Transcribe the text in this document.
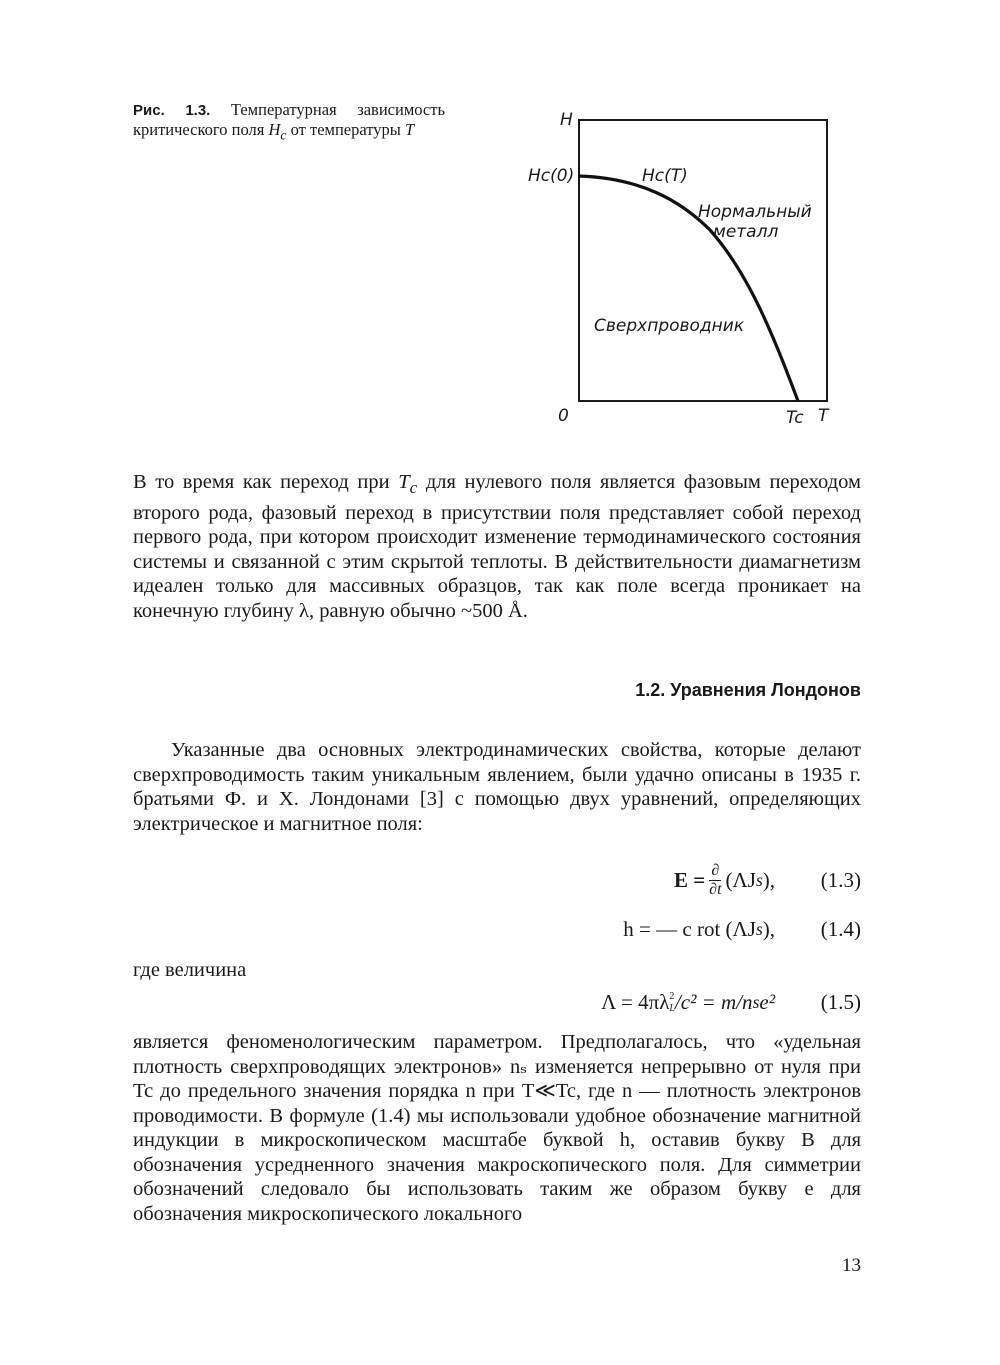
Рис. 1.3. Температурная зависимость критического поля $H_c$ от температуры T	H
Hc(0)	Hc(T)
Нормальный
металл
Сверхпроводник
0	Tc T

В то время как переход при $T_c$ для нулевого поля является фазовым переходом второго рода, фазовый переход в присутствии поля представляет собой переход первого рода, при котором происходит изменение термодинамического состояния системы и связанной с этим скрытой теплоты. В действительности диамагнетизм идеален только для массивных образцов, так как поле всегда проникает на конечную глубину λ, равную обычно ~500 Å.

1.2. Уравнения Лондонов

Указанные два основных электродинамических свойства, которые делают сверхпроводимость таким уникальным явлением, были удачно описаны в 1935 г. братьями Ф. и Х. Лондонами [3] с помощью двух уравнений, определяющих электрическое и магнитное поля:

$E = \frac{\partial}{\partial t} (\Lambda J$ s ),	(1.3)
h = — c rot (ΛJ s ),	(1.4)

где величина

Λ = 4πλ 2
L /c² = m/n s e²	(1.5)

является феноменологическим параметром. Предполагалось, что «удельная плотность сверхпроводящих электронов» nₛ изменяется непрерывно от нуля при Tc до предельного значения порядка n при T≪Tc, где n — плотность электронов проводимости. В формуле (1.4) мы использовали удобное обозначение магнитной индукции в микроскопическом масштабе буквой h, оставив букву B для обозначения усредненного значения макроскопического поля. Для симметрии обозначений следовало бы использовать таким же образом букву e для обозначения микроскопического локального

13
